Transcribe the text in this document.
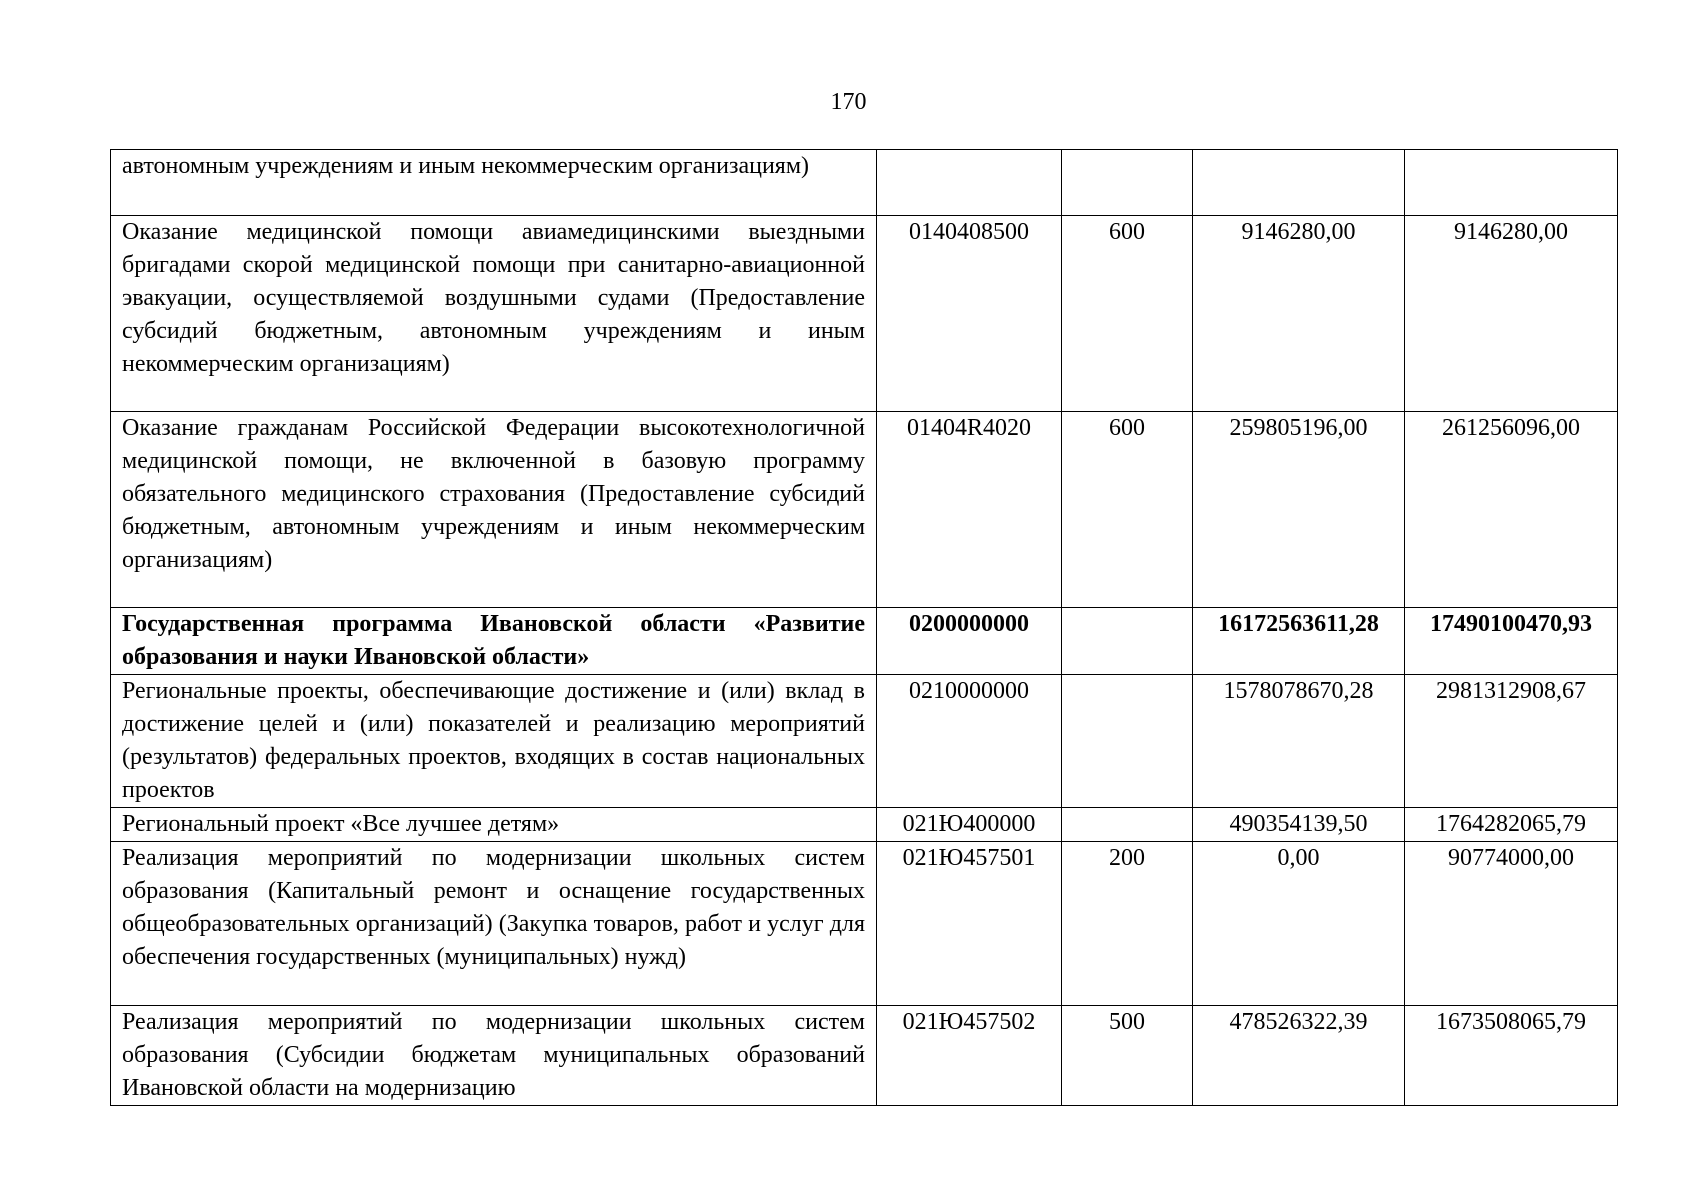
170
автономным учреждениям и иным некоммерческим организациям)				
Оказание медицинской помощи авиамедицинскими выездными бригадами скорой медицинской помощи при санитарно-авиационной эвакуации, осуществляемой воздушными судами (Предоставление субсидий бюджетным, автономным учреждениям и иным некоммерческим организациям)	0140408500	600	9146280,00	9146280,00
Оказание гражданам Российской Федерации высокотехнологичной медицинской помощи, не включенной в базовую программу обязательного медицинского страхования (Предоставление субсидий бюджетным, автономным учреждениям и иным некоммерческим организациям)	01404R4020	600	259805196,00	261256096,00
Государственная программа Ивановской области «Развитие образования и науки Ивановской области»	0200000000		16172563611,28	17490100470,93
Региональные проекты, обеспечивающие достижение и (или) вклад в достижение целей и (или) показателей и реализацию мероприятий (результатов) федеральных проектов, входящих в состав национальных проектов	0210000000		1578078670,28	2981312908,67
Региональный проект «Все лучшее детям»	021Ю400000		490354139,50	1764282065,79
Реализация мероприятий по модернизации школьных систем образования (Капитальный ремонт и оснащение государственных общеобразовательных организаций) (Закупка товаров, работ и услуг для обеспечения государственных (муниципальных) нужд)	021Ю457501	200	0,00	90774000,00
Реализация мероприятий по модернизации школьных систем образования (Субсидии бюджетам муниципальных образований Ивановской области на модернизацию	021Ю457502	500	478526322,39	1673508065,79
